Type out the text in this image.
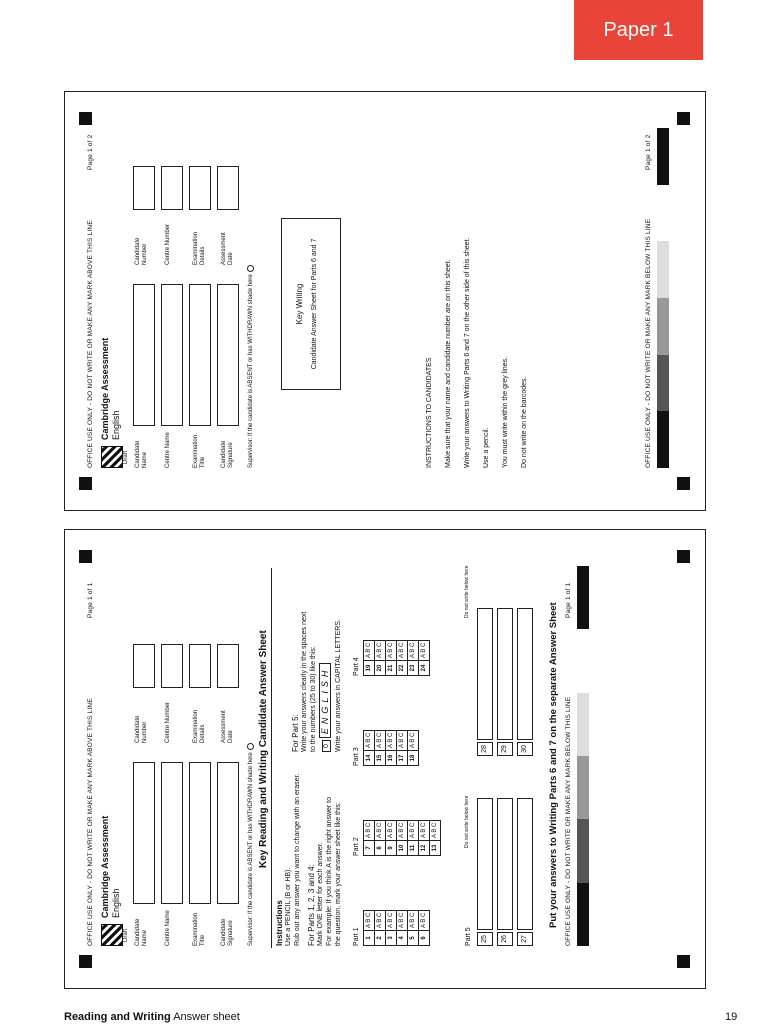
Paper 1
OFFICE USE ONLY - DO NOT WRITE OR MAKE ANY MARK ABOVE THIS LINE
Page 1 of 1
Draft
Cambridge Assessment English
Candidate Name	Centre Name	Examination Title	Candidate Signature
Candidate Number	Centre Number	Examination Details	Assessment Date
Supervisor: If the candidate is ABSENT or has WITHDRAWN shade here Key Reading and Writing Candidate Answer Sheet
Instructions Use a PENCIL (B or HB). Rub out any answer you want to change with an eraser. For Parts 1, 2, 3 and 4: Mark ONE letter for each answer. For example: If you think A is the right answer to the question, mark your answer sheet like this:
For Part 5: Write your answers clearly in the spaces next to the numbers (25 to 30) like this: 0 ENGLISH Write your answers in CAPITAL LETTERS.
Part 1 1	A B C
2	A B C
3	A B C
4	A B C
5	A B C
6	A B C
Part 2 7	A B C
8	A B C
9	A B C
10	A B C
11	A B C
12	A B C
13	A B C
Part 3 14	A B C
15	A B C
16	A B C
17	A B C
18	A B C
Part 4 19	A B C
20	A B C
21	A B C
22	A B C
23	A B C
24	A B C
Part 5
Do not write below here
Do not write below here
25	26	27
28	29	30	Put your answers to Writing Parts 6 and 7 on the separate Answer Sheet OFFICE USE ONLY - DO NOT WRITE OR MAKE ANY MARK BELOW THIS LINE
Page 1 of 1
OFFICE USE ONLY - DO NOT WRITE OR MAKE ANY MARK ABOVE THIS LINE
Page 1 of 2
Draft
Cambridge Assessment English
Candidate Name	Centre Name	Examination Title	Candidate Signature
Candidate Number	Centre Number	Examination Details	Assessment Date
Supervisor: If the candidate is ABSENT or has WITHDRAWN shade here	Key Writing Candidate Answer Sheet for Parts 6 and 7
INSTRUCTIONS TO CANDIDATES Make sure that your name and candidate number are on this sheet. Write your answers to Writing Parts 6 and 7 on the other side of this sheet. Use a pencil. You must write within the grey lines. Do not write on the barcodes.	OFFICE USE ONLY - DO NOT WRITE OR MAKE ANY MARK BELOW THIS LINE
Page 1 of 2
Reading and Writing Answer sheet	19
